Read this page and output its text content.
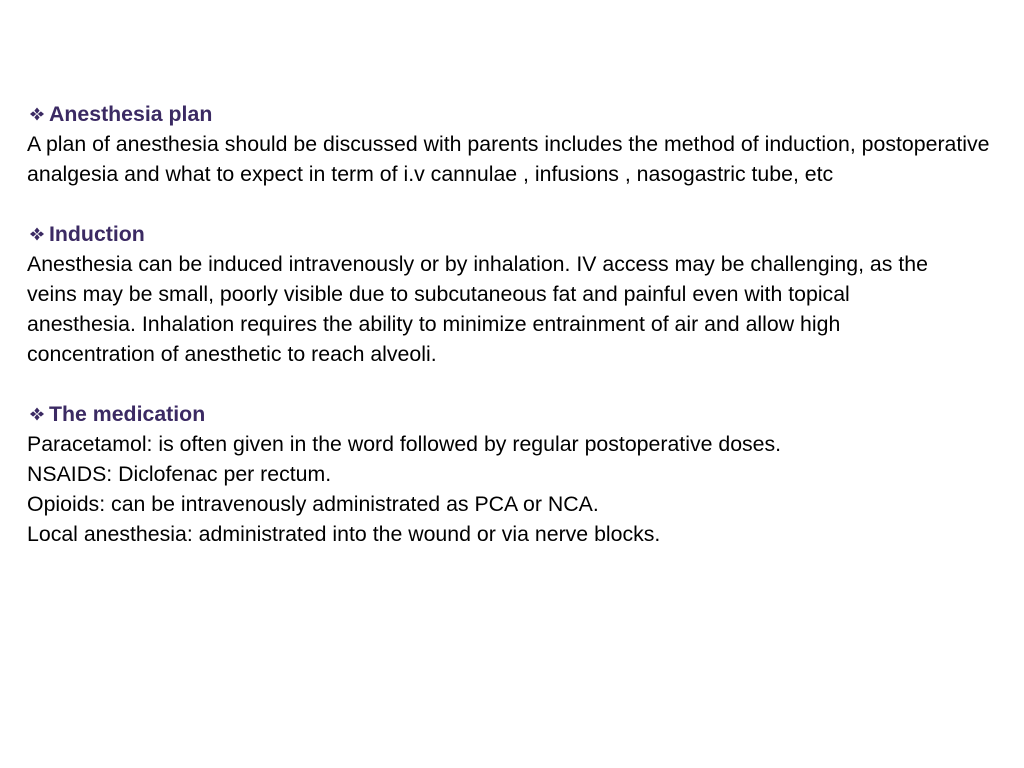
Anesthesia plan

A plan of anesthesia should be discussed with parents includes the method of induction, postoperative analgesia and what to expect in term of i.v cannulae , infusions , nasogastric tube, etc

Induction

Anesthesia can be induced intravenously or by inhalation. IV access may be challenging, as the veins may be small, poorly visible due to subcutaneous fat and painful even with topical anesthesia. Inhalation requires the ability to minimize entrainment of air and allow high concentration of anesthetic to reach alveoli.

The medication

Paracetamol: is often given in the word followed by regular postoperative doses.

NSAIDS: Diclofenac per rectum.

Opioids: can be intravenously administrated as PCA or NCA.

Local anesthesia: administrated into the wound or via nerve blocks.
